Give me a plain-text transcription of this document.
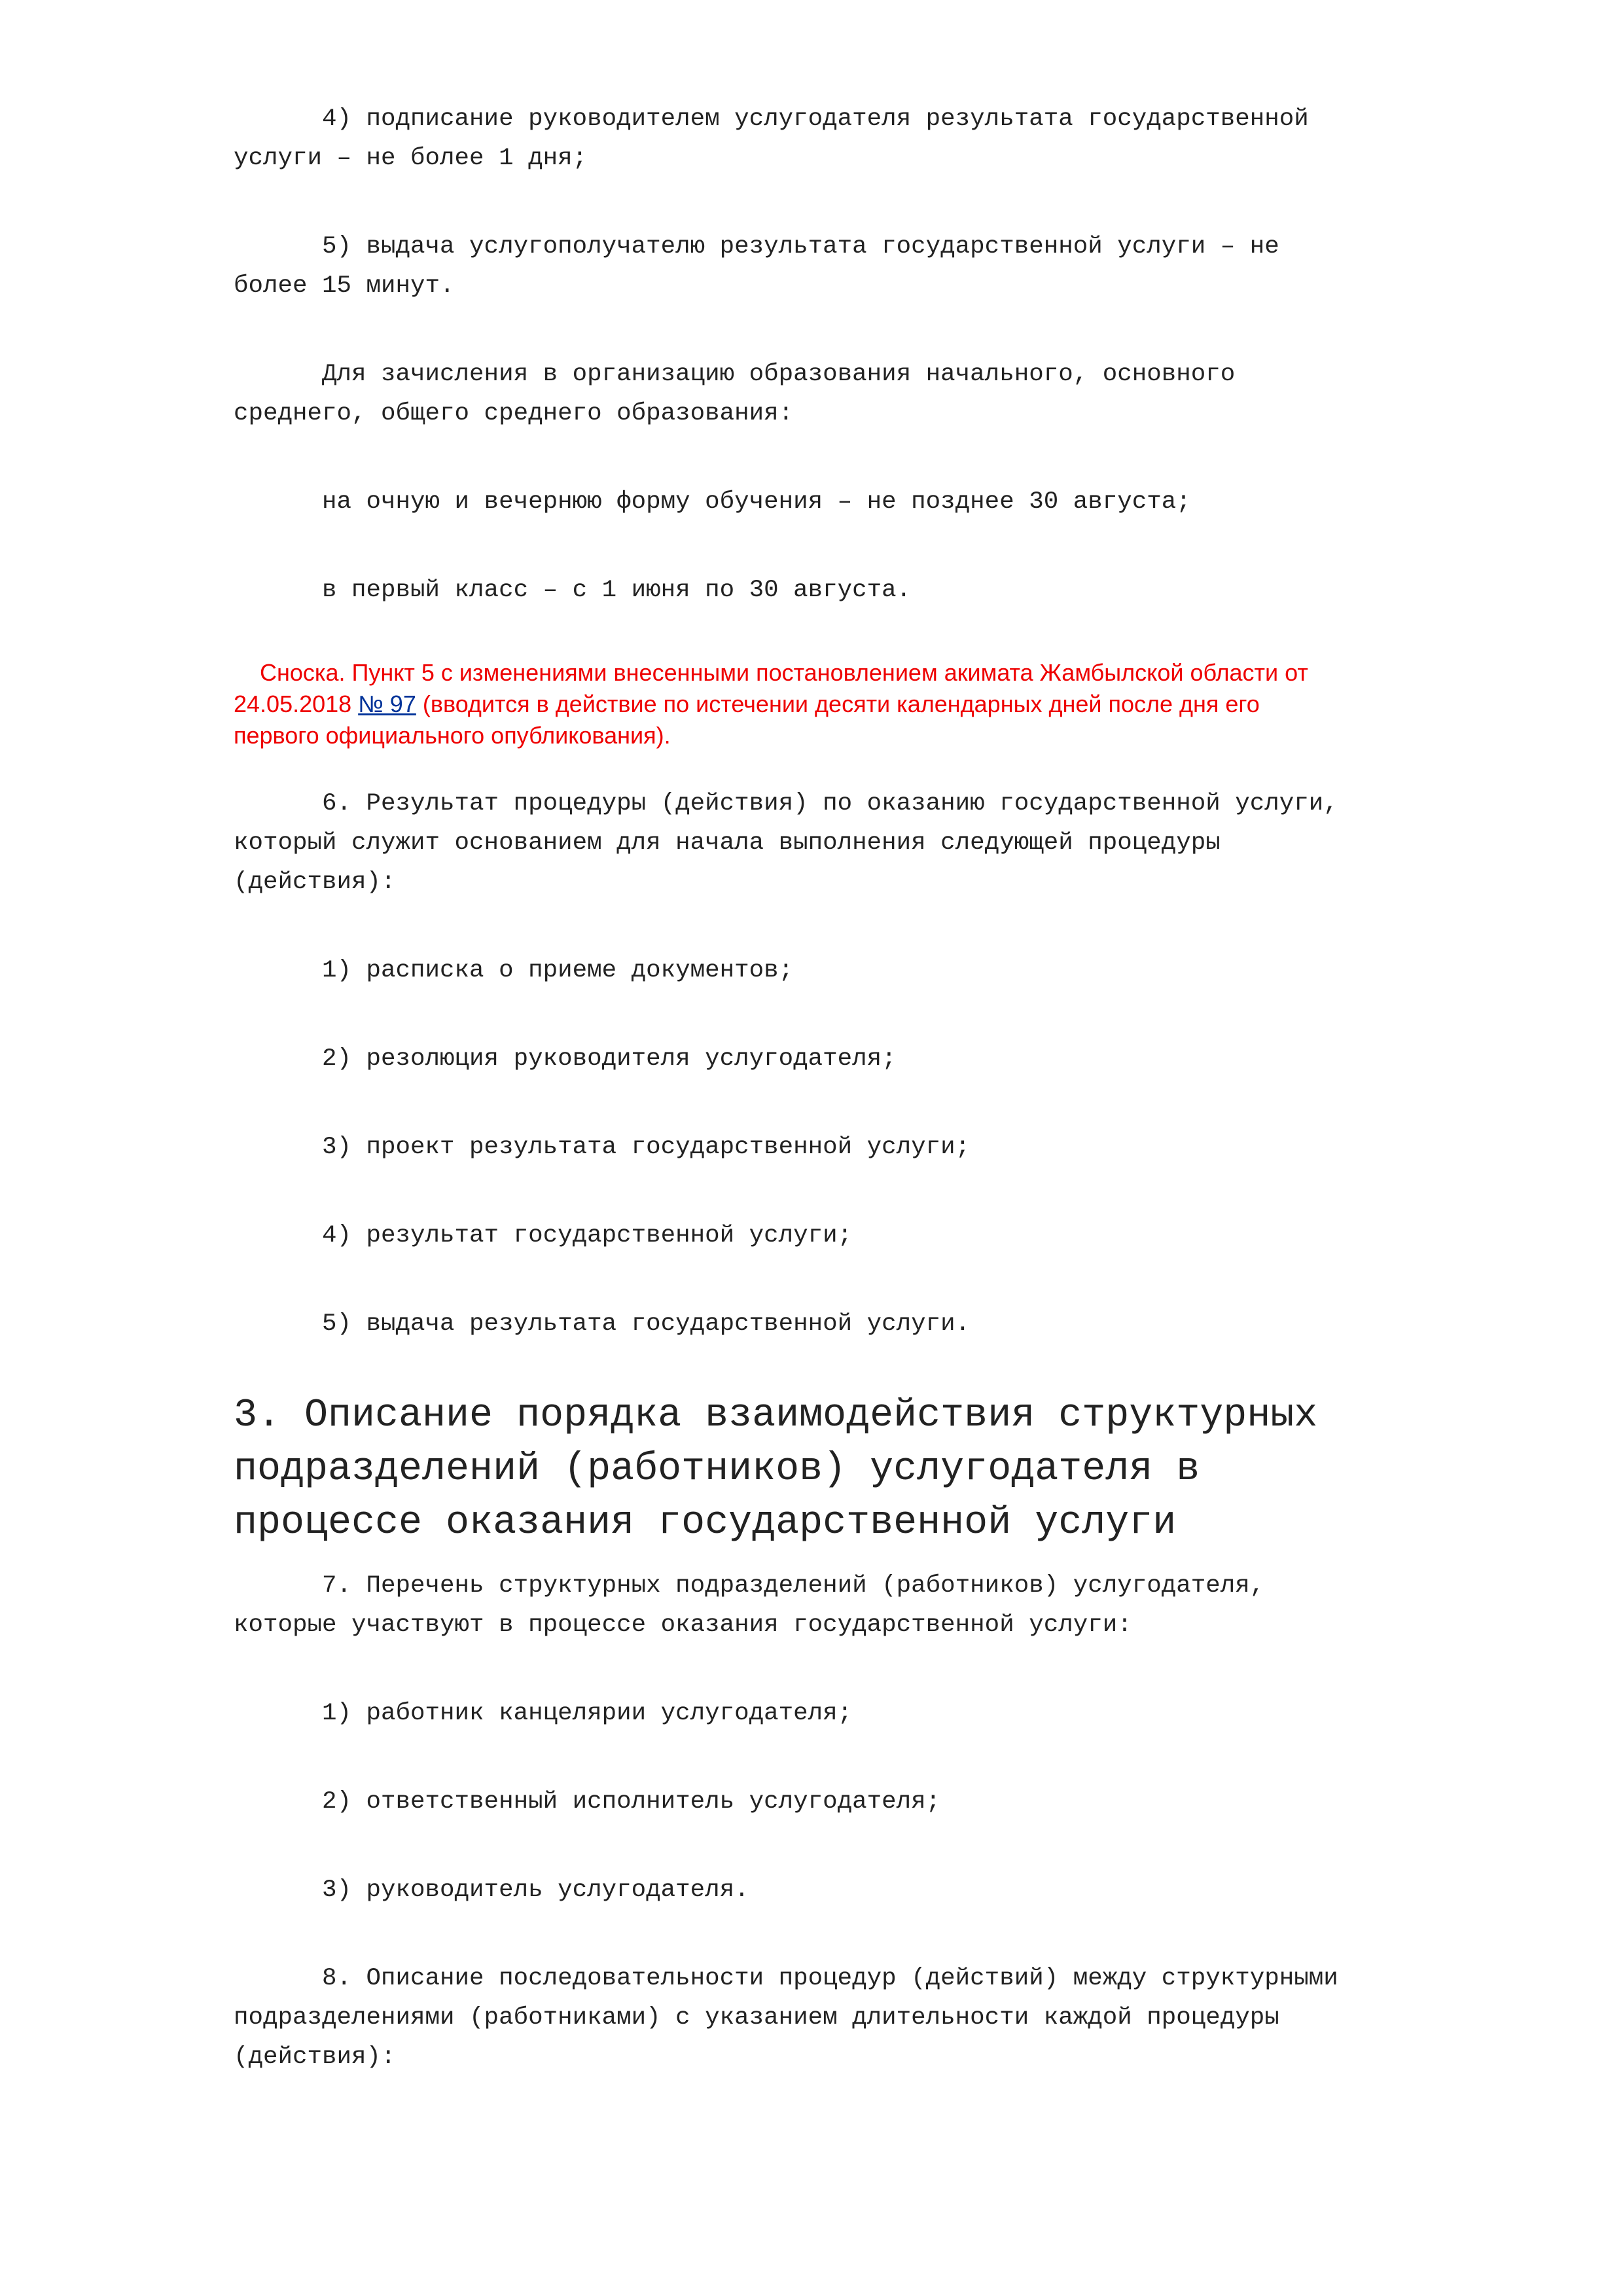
4) подписание руководителем услугодателя результата государственной
услуги – не более 1 дня;

5) выдача услугополучателю результата государственной услуги – не
более 15 минут.

Для зачисления в организацию образования начального, основного
среднего, общего среднего образования:

на очную и вечернюю форму обучения – не позднее 30 августа;

в первый класс – с 1 июня по 30 августа.

Сноска. Пункт 5 с изменениями внесенными постановлением акимата Жамбылской области от
24.05.2018 № 97 (вводится в действие по истечении десяти календарных дней после дня его
первого официального опубликования).

6. Результат процедуры (действия) по оказанию государственной услуги,
который служит основанием для начала выполнения следующей процедуры
(действия):

1) расписка о приеме документов;

2) резолюция руководителя услугодателя;

3) проект результата государственной услуги;

4) результат государственной услуги;

5) выдача результата государственной услуги.

3. Описание порядка взаимодействия структурных
подразделений (работников) услугодателя в
процессе оказания государственной услуги

7. Перечень структурных подразделений (работников) услугодателя,
которые участвуют в процессе оказания государственной услуги:

1) работник канцелярии услугодателя;

2) ответственный исполнитель услугодателя;

3) руководитель услугодателя.

8. Описание последовательности процедур (действий) между структурными
подразделениями (работниками) с указанием длительности каждой процедуры
(действия):
